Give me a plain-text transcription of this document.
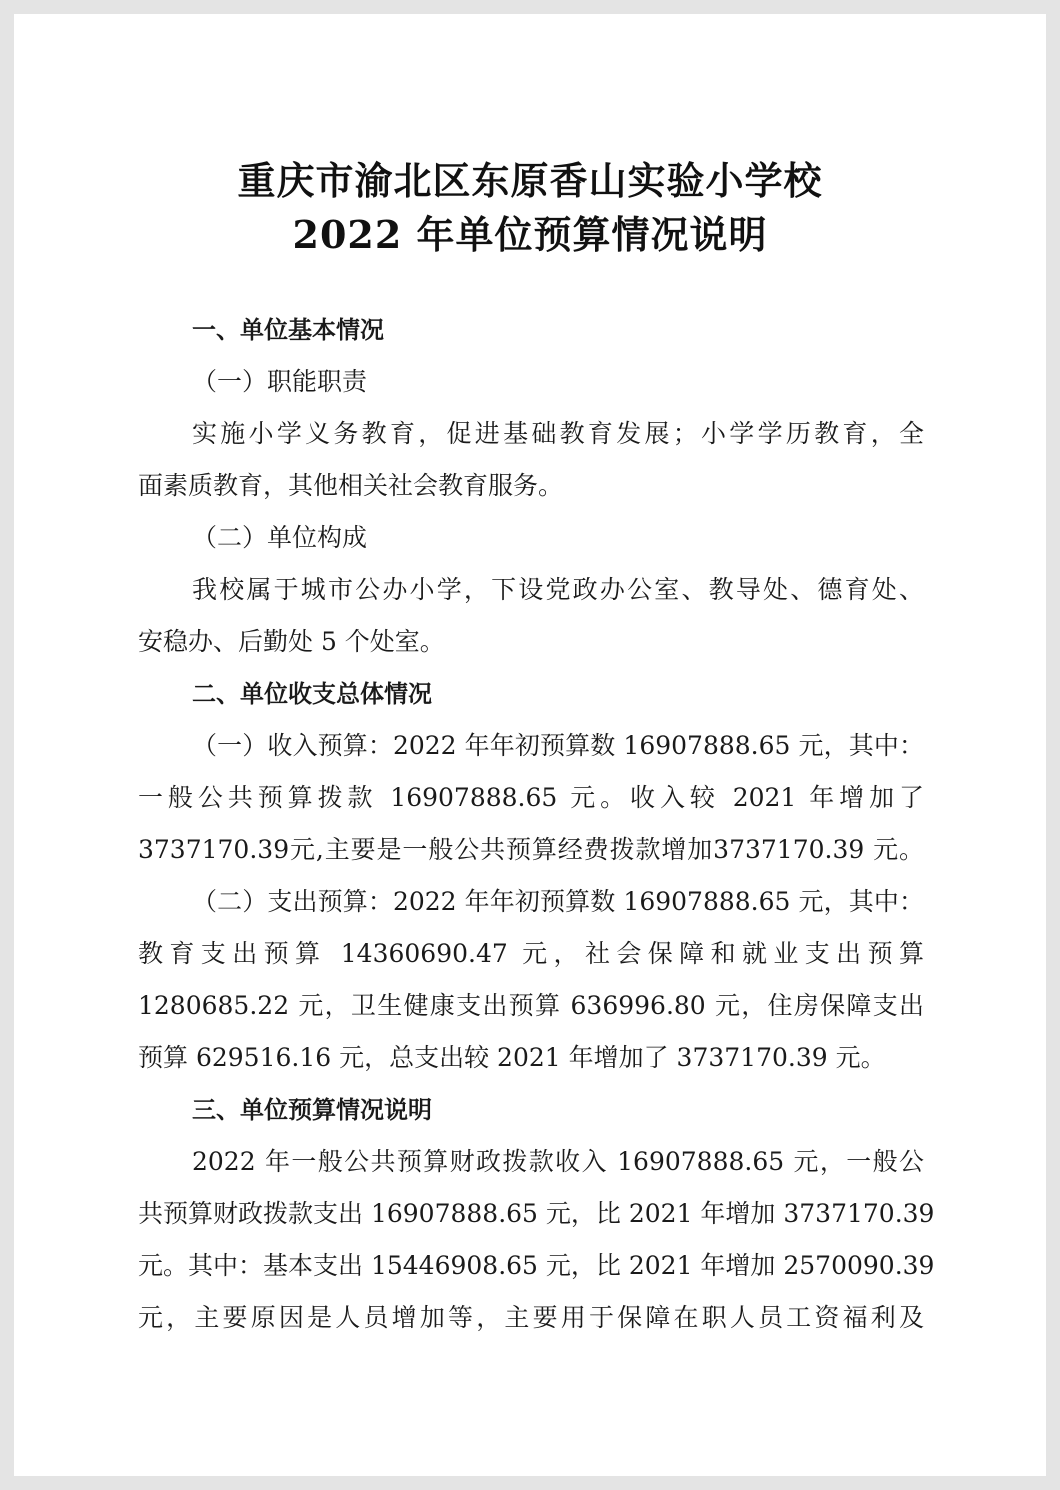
重庆市渝北区东原香山实验小学校
2022 年单位预算情况说明
一、单位基本情况
（一）职能职责
实施小学义务教育，促进基础教育发展；小学学历教育，全
面素质教育，其他相关社会教育服务。
（二）单位构成
我校属于城市公办小学，下设党政办公室、教导处、德育处、
安稳办、后勤处 5 个处室。
二、单位收支总体情况
（一）收入预算：2022 年年初预算数 16907888.65 元，其中：
一般公共预算拨款 16907888.65 元。收入较 2021 年增加了
3737170.39元,主要是一般公共预算经费拨款增加3737170.39 元。
（二）支出预算：2022 年年初预算数 16907888.65 元，其中：
教育支出预算 14360690.47 元，社会保障和就业支出预算
1280685.22 元，卫生健康支出预算 636996.80 元，住房保障支出
预算 629516.16 元，总支出较 2021 年增加了 3737170.39 元。
三、单位预算情况说明
2022 年一般公共预算财政拨款收入 16907888.65 元，一般公
共预算财政拨款支出 16907888.65 元，比 2021 年增加 3737170.39
元。其中：基本支出 15446908.65 元，比 2021 年增加 2570090.39
元，主要原因是人员增加等，主要用于保障在职人员工资福利及
